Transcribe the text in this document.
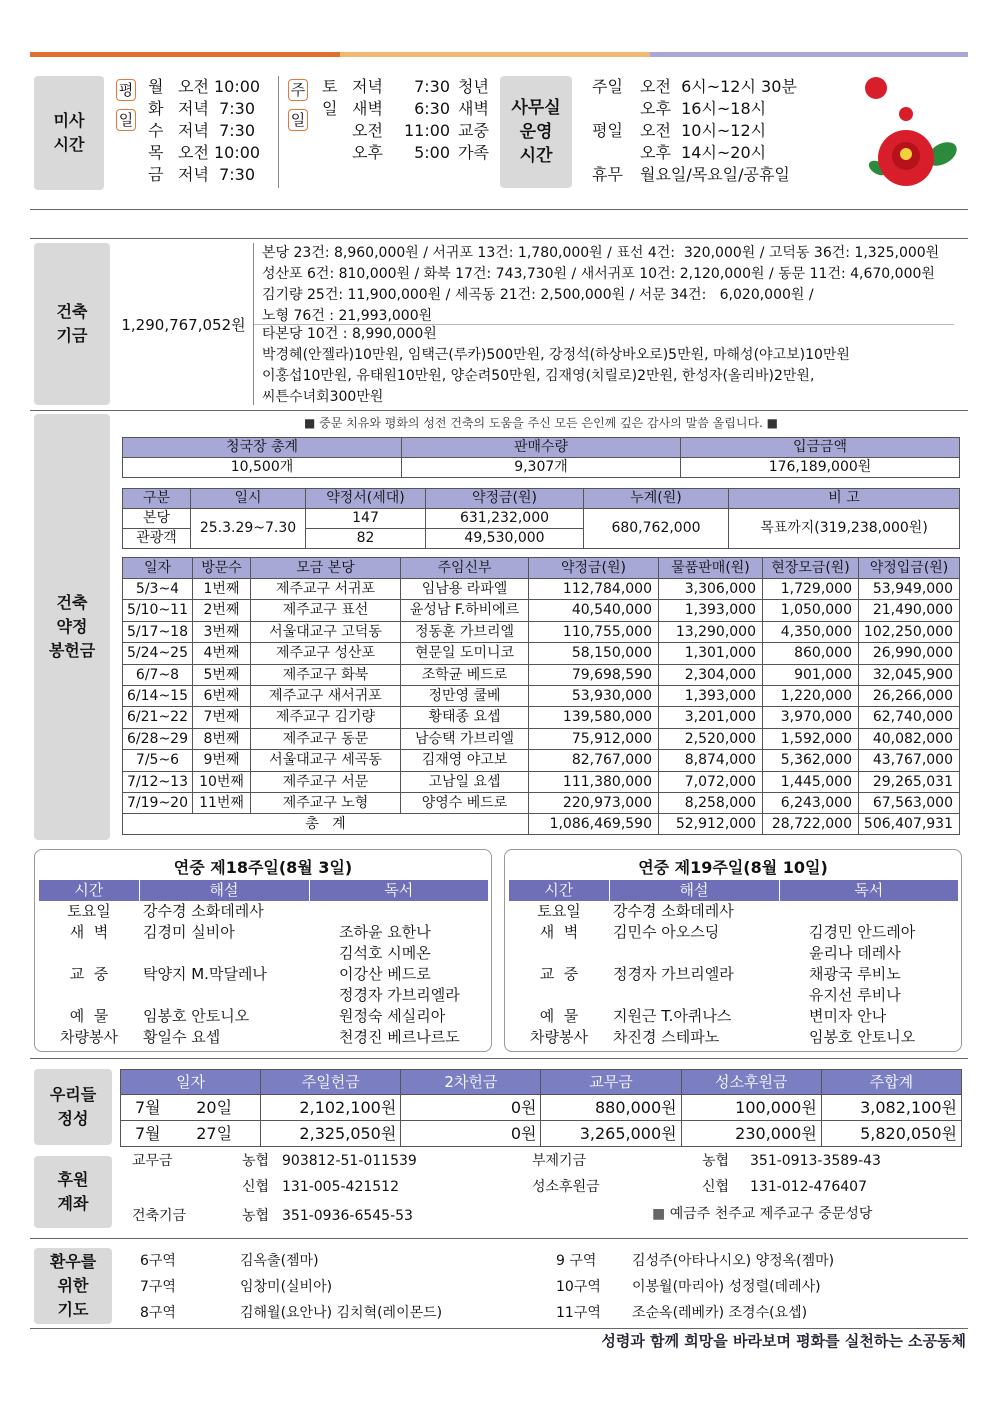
미사
시간
평
일
월 오전 10:00
화 저녁  7:30
수 저녁  7:30
목 오전 10:00
금 저녁  7:30
주
일
토 저녁	7:30 청년
일 새벽	6:30 새벽
오전	11:00 교중
오후	5:00 가족
사무실
운영
시간
주일	오전  6시~12시 30분
오후  16시~18시
평일	오전  10시~12시
오후  14시~20시
휴무	월요일/목요일/공휴일
건축
기금
1,290,767,052원
본당 23건: 8,960,000원 / 서귀포 13건: 1,780,000원 / 표선 4건:  320,000원 / 고덕동 36건: 1,325,000원
성산포 6건: 810,000원 / 화북 17건: 743,730원 / 새서귀포 10건: 2,120,000원 / 동문 11건: 4,670,000원
김기량 25건: 11,900,000원 / 세곡동 21건: 2,500,000원 / 서문 34건:   6,020,000원 /
노형 76건 : 21,993,000원
타본당 10건 : 8,990,000원
박경혜(안젤라)10만원, 임택근(루카)500만원, 강정석(하상바오로)5만원, 마해성(야고보)10만원
이홍섭10만원, 유태원10만원, 양순려50만원, 김재영(치릴로)2만원, 한성자(올리바)2만원,
씨튼수녀회300만원
건축
약정
봉헌금
■ 중문 치유와 평화의 성전 건축의 도움을 주신 모든 은인께 깊은 감사의 말씀 올립니다. ■
청국장 총계	판매수량	입금금액
10,500개	9,307개	176,189,000원
구분	일시	약정서(세대)	약정금(원)	누계(원)	비 고
본당	25.3.29~7.30	147	631,232,000	680,762,000	목표까지(319,238,000원)
관광객		82	49,530,000		
일자	방문수	모금 본당	주임신부	약정금(원)	물품판매(원)	현장모금(원)	약정입금(원)
5/3~4	1번째	제주교구 서귀포	임남용 라파엘	112,784,000	3,306,000	1,729,000	53,949,000
5/10~11	2번째	제주교구 표선	윤성남 F.하비에르	40,540,000	1,393,000	1,050,000	21,490,000
5/17~18	3번째	서울대교구 고덕동	정동훈 가브리엘	110,755,000	13,290,000	4,350,000	102,250,000
5/24~25	4번째	제주교구 성산포	현문일 도미니코	58,150,000	1,301,000	860,000	26,990,000
6/7~8	5번째	제주교구 화북	조학균 베드로	79,698,590	2,304,000	901,000	32,045,900
6/14~15	6번째	제주교구 새서귀포	정만영 쿨베	53,930,000	1,393,000	1,220,000	26,266,000
6/21~22	7번째	제주교구 김기량	황태종 요셉	139,580,000	3,201,000	3,970,000	62,740,000
6/28~29	8번째	제주교구 동문	남승택 가브리엘	75,912,000	2,520,000	1,592,000	40,082,000
7/5~6	9번째	서울대교구 세곡동	김재영 야고보	82,767,000	8,874,000	5,362,000	43,767,000
7/12~13	10번째	제주교구 서문	고남일 요셉	111,380,000	7,072,000	1,445,000	29,265,031
7/19~20	11번째	제주교구 노형	양영수 베드로	220,973,000	8,258,000	6,243,000	67,563,000
총   계				1,086,469,590	52,912,000	28,722,000	506,407,931
연중 제18주일(8월 3일)
시간	해설	독서
토요일	강수경 소화데레사	
새  벽	김경미 실비아	조하윤 요한나
		김석호 시메온
교  중	탁양지 M.막달레나	이강산 베드로
		정경자 가브리엘라
예  물	임봉호 안토니오	원정숙 세실리아
차량봉사	황일수 요셉	천경진 베르나르도
연중 제19주일(8월 10일)
시간	해설	독서
토요일	강수경 소화데레사	
새  벽	김민수 아오스딩	김경민 안드레아
		윤리나 데레사
교  중	정경자 가브리엘라	채광국 루비노
		유지선 루비나
예  물	지원근 T.아퀴나스	변미자 안나
차량봉사	차진경 스테파노	임봉호 안토니오
우리들
정성
일자	주일헌금	2차헌금	교무금	성소후원금	주합계
7월       20일	2,102,100원	0원	880,000원	100,000원	3,082,100원
7월       27일	2,325,050원	0원	3,265,000원	230,000원	5,820,050원
후원
계좌
교무금	농협 903812-51-011539	부제기금	농협	351-0913-3589-43
신협 131-005-421512	성소후원금	신협	131-012-476407
건축기금	농협 351-0936-6545-53	■ 예금주 천주교 제주교구 중문성당
환우를
위한
기도
6구역	김옥출(젬마)	9 구역	김성주(아타나시오) 양정옥(젬마)
7구역	임창미(실비아)	10구역	이봉월(마리아) 성정렬(데레사)
8구역	김해월(요안나) 김치혁(레이몬드)	11구역	조순옥(레베카) 조경수(요셉)
성령과 함께 희망을 바라보며 평화를 실천하는 소공동체
